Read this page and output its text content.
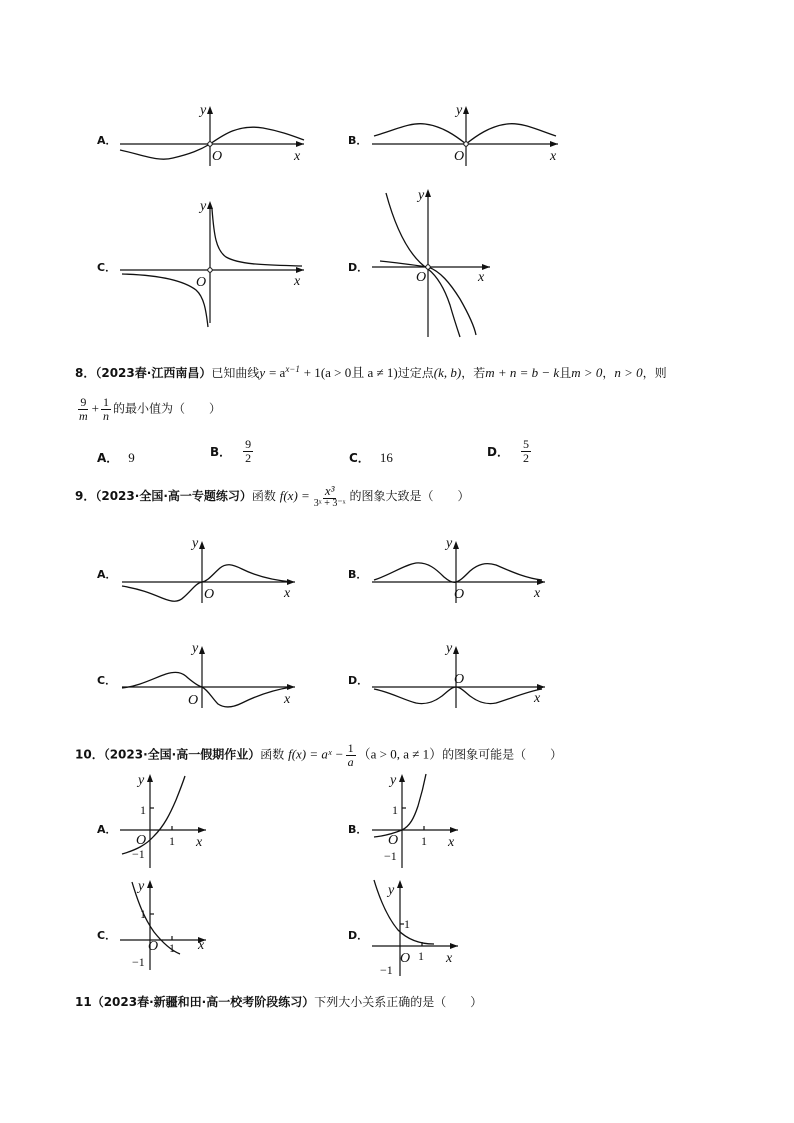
A．
y
x
O
B．
y
x
O
C．
y
x
O
D．
y
x
O
8．（2023春·江西南昌）已知曲线$y = a^{x-1} + 1(a > 0$且 a ≠ 1)过定点(k, b)，若m + n = b − k且m > 0，n > 0，则
$\frac{9}{m} + \frac{1}{n}$ 的最小值为（　　）
A． 9	B． $\frac{9}{2}$	C． 16	D． $\frac{5}{2}$
9．（2023·全国·高一专题练习）函数 $f(x) = \frac{\text{x³}}{\text{3ˣ + 3⁻ˣ}}$ 的图象大致是（　　）
A．
y
x
O
B．
y
x
O
C．
y
x
O
D．
y
x
O
10．（2023·全国·高一假期作业）函数 f(x) = aˣ − $\frac{1}{a} (a > 0$, a ≠ 1）的图象可能是（　　）
A．
y
1
1
−1
x
O
B．
y
1
1
−1
x
O
C．
y
1
1
−1
x
O
D．
y
1
1
−1
x
O
11（2023春·新疆和田·高一校考阶段练习）下列大小关系正确的是（　　）
